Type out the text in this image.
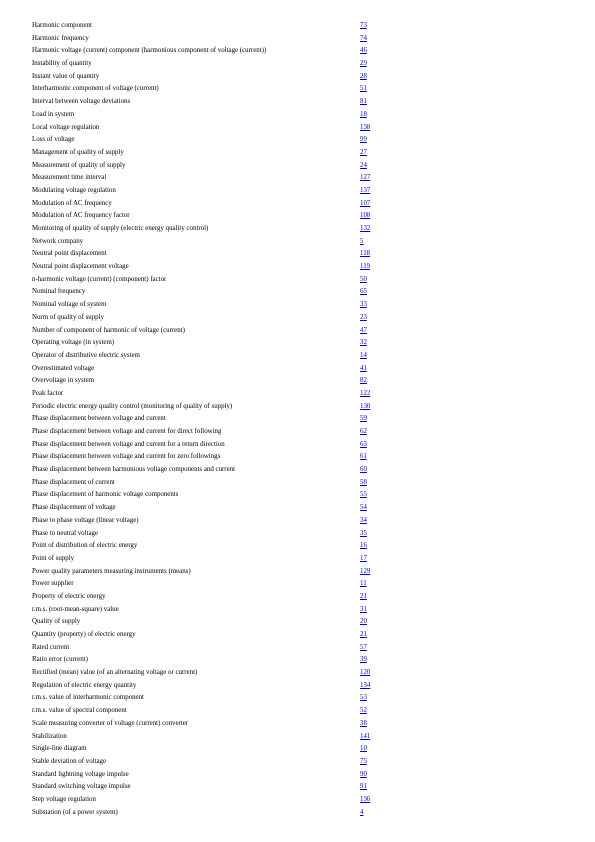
Harmonic component	73
Harmonic frequency	74
Harmonic voltage (current) component (harmonious component of voltage (current))	46
Instability of quantity	29
Instant value of quantity	28
Interharmonic component of voltage (current)	51
Interval between voltage deviations	81
Load in system	18
Local voltage regulation	138
Loss of voltage	99
Management of quality of supply	27
Measurement of quality of supply	24
Measurement time interval	127
Modulating voltage regulation	137
Modulation of AC frequency	107
Modulation of AC frequency factor	108
Monitoring of quality of supply (electric energy quality control)	132
Network company	5
Neutral point displacement	118
Neutral point displacement voltage	119
n-harmonic voltage (current) (component) factor	50
Nominal frequency	65
Nominal voltage of system	33
Norm of quality of supply	23
Number of component of harmonic of voltage (current)	47
Operating voltage (in system)	32
Operator of distributive electric system	14
Overestimated voltage	41
Overvoltage in system	82
Peak factor	122
Periodic electric energy quality control (monitoring of quality of supply)	130
Phase displacement between voltage and current	59
Phase displacement between voltage and current for direct following	62
Phase displacement between voltage and current for a return direction	63
Phase displacement between voltage and current for zero followings	61
Phase displacement between harmonious voltage components and current	60
Phase displacement of current	58
Phase displacement of harmonic voltage components	55
Phase displacement of voltage	54
Phase to phase voltage (linear voltage)	34
Phase to neutral voltage	35
Point of distribution of electric energy	16
Point of supply	17
Power quality parameters measuring instruments (means)	129
Power supplier	11
Property of electric energy	21
r.m.s. (root-mean-square) value	31
Quality of supply	20
Quantity (property) of electric energy	21
Rated current	57
Ratio error (current)	39
Rectified (mean) value (of an alternating voltage or current)	120
Regulation of electric energy quantity	134
r.m.s. value of interharmonic component	53
r.m.s. value of spectral component	52
Scale measuring converter of voltage (current) converter	38
Stabilization	141
Single-line diagram	10
Stable deviation of voltage	75
Standard lightning voltage impulse	90
Standard switching voltage impulse	91
Step voltage regulation	136
Substation (of a power system)	4
